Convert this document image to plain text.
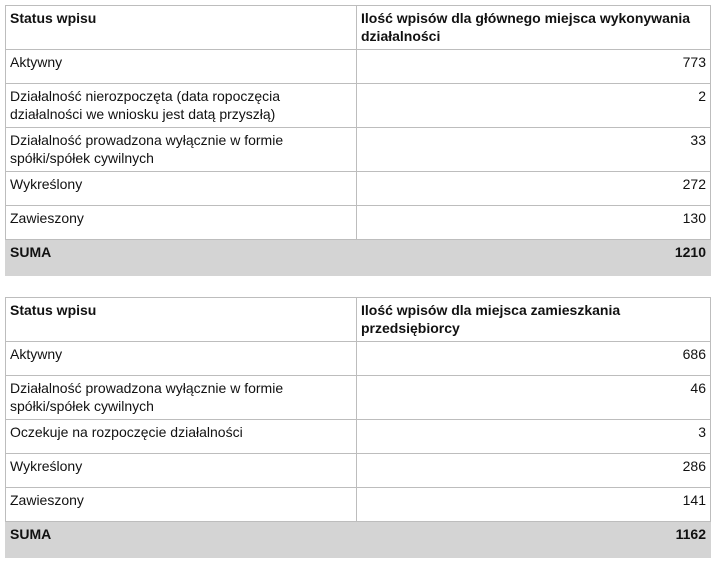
Status wpisu	Ilość wpisów dla głównego miejsca wykonywania działalności
Aktywny	773
Działalność nierozpoczęta (data ropoczęcia działalności we wniosku jest datą przyszłą)	2
Działalność prowadzona wyłącznie w formie spółki/spółek cywilnych	33
Wykreślony	272
Zawieszony	130
SUMA	1210
Status wpisu	Ilość wpisów dla miejsca zamieszkania przedsiębiorcy
Aktywny	686
Działalność prowadzona wyłącznie w formie spółki/spółek cywilnych	46
Oczekuje na rozpoczęcie działalności	3
Wykreślony	286
Zawieszony	141
SUMA	1162
